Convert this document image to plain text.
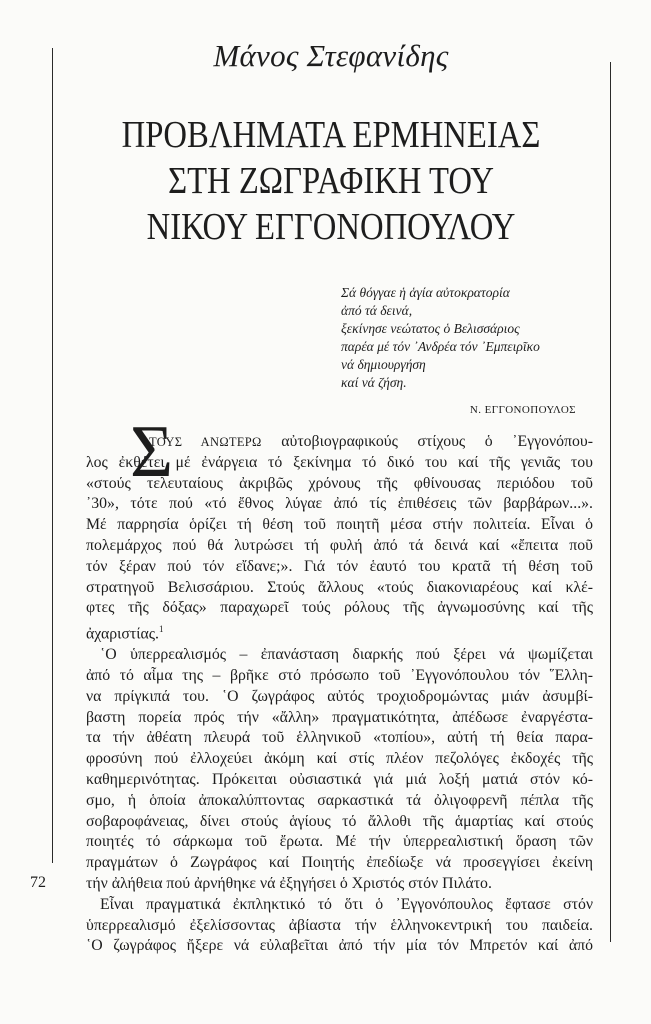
Μάνος Στεφανίδης
ΠΡΟΒΛΗΜΑΤΑ ΕΡΜΗΝΕΙΑΣ
ΣΤΗ ΖΩΓΡΑΦΙΚΗ ΤΟΥ
ΝΙΚΟΥ ΕΓΓΟΝΟΠΟΥΛΟΥ
Σά θόγγαε ἡ ἁγία αὐτοκρατορία
ἀπό τά δεινά,
ξεκίνησε νεώτατος ὁ Βελισσάριος
παρέα μέ τόν ᾿Ανδρέα τόν ᾿Εμπειρῖκο
νά δημιουργήση
καί νά ζήση.
Ν. ΕΓΓΟΝΟΠΟΥΛΟΣ
Σ
ΤΟΥΣ ΑΝΩΤΕΡΩ αὐτοβιογραφικούς στίχους ὁ ᾿Εγγονόπου-
λος ἐκθέτει μέ ἐνάργεια τό ξεκίνημα τό δικό του καί τῆς γενιᾶς του
«στούς τελευταίους ἀκριβῶς χρόνους τῆς φθίνουσας περιόδου τοῦ
᾿30», τότε πού «τό ἔθνος λύγαε ἀπό τίς ἐπιθέσεις τῶν βαρβάρων...».
Μέ παρρησία ὁρίζει τή θέση τοῦ ποιητῆ μέσα στήν πολιτεία. Εἶναι ὁ
πολεμάρχος πού θά λυτρώσει τή φυλή ἀπό τά δεινά καί «ἔπειτα ποῦ
τόν ξέραν πού τόν εἴδανε;». Γιά τόν ἑαυτό του κρατᾶ τή θέση τοῦ
στρατηγοῦ Βελισσάριου. Στούς ἄλλους «τούς διακονιαρέους καί κλέ-
φτες τῆς δόξας» παραχωρεῖ τούς ρόλους τῆς ἀγνωμοσύνης καί τῆς
ἀχαριστίας.$^1$
῾Ο ὑπερρεαλισμός – ἐπανάσταση διαρκής πού ξέρει νά ψωμίζεται
ἀπό τό αἷμα της – βρῆκε στό πρόσωπο τοῦ ᾿Εγγονόπουλου τόν ῞Ελλη-
να πρίγκιπά του. ῾Ο ζωγράφος αὐτός τροχιοδρομώντας μιάν ἀσυμβί-
βαστη πορεία πρός τήν «ἄλλη» πραγματικότητα, ἀπέδωσε ἐναργέστα-
τα τήν ἀθέατη πλευρά τοῦ ἑλληνικοῦ «τοπίου», αὐτή τή θεία παρα-
φροσύνη πού ἐλλοχεύει ἀκόμη καί στίς πλέον πεζολόγες ἐκδοχές τῆς
καθημερινότητας. Πρόκειται οὐσιαστικά γιά μιά λοξή ματιά στόν κό-
σμο, ἡ ὁποία ἀποκαλύπτοντας σαρκαστικά τά ὀλιγοφρενῆ πέπλα τῆς
σοβαροφάνειας, δίνει στούς ἁγίους τό ἄλλοθι τῆς ἁμαρτίας καί στούς
ποιητές τό σάρκωμα τοῦ ἔρωτα. Μέ τήν ὑπερρεαλιστική ὅραση τῶν
πραγμάτων ὁ Ζωγράφος καί Ποιητής ἐπεδίωξε νά προσεγγίσει ἐκείνη
τήν ἀλήθεια πού ἀρνήθηκε νά ἐξηγήσει ὁ Χριστός στόν Πιλάτο.
Εἶναι πραγματικά ἐκπληκτικό τό ὅτι ὁ ᾿Εγγονόπουλος ἔφτασε στόν
ὑπερρεαλισμό ἐξελίσσοντας ἀβίαστα τήν ἑλληνοκεντρική του παιδεία.
῾Ο ζωγράφος ἤξερε νά εὐλαβεῖται ἀπό τήν μία τόν Μπρετόν καί ἀπό
72
